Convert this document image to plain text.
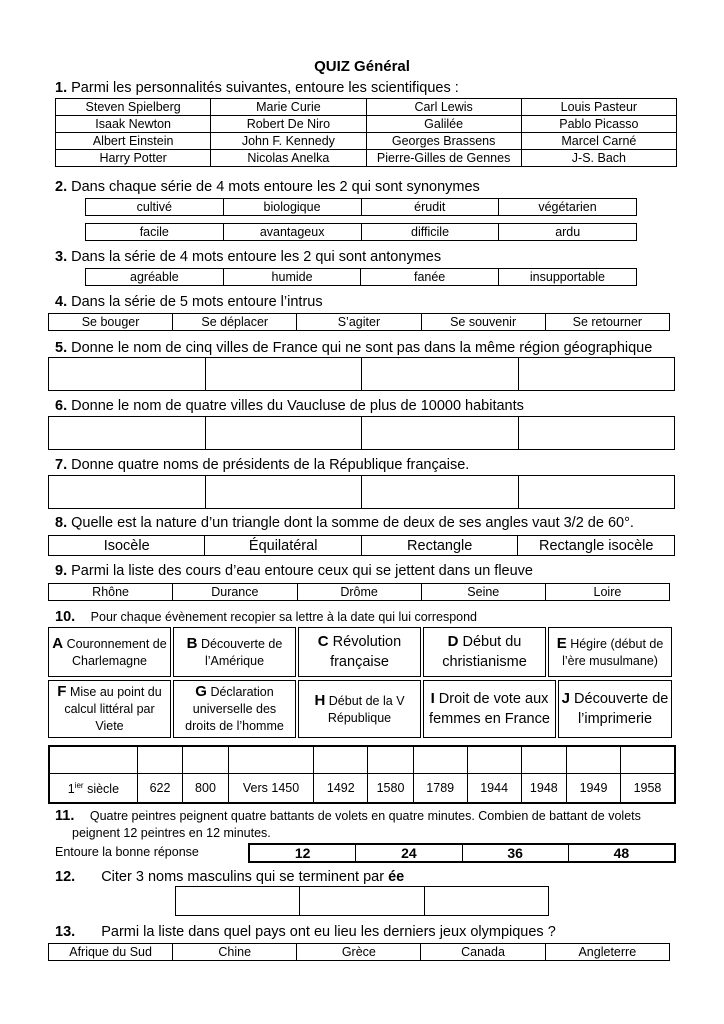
QUIZ Général
1. Parmi les personnalités suivantes, entoure les scientifiques :
Steven Spielberg	Marie Curie	Carl Lewis	Louis Pasteur
Isaak Newton	Robert De Niro	Galilée	Pablo Picasso
Albert Einstein	John F. Kennedy	Georges Brassens	Marcel Carné
Harry Potter	Nicolas Anelka	Pierre-Gilles de Gennes	J-S. Bach
2. Dans chaque série de 4 mots entoure les 2 qui sont synonymes
cultivé	biologique	érudit	végétarien
facile	avantageux	difficile	ardu
3. Dans la série de 4 mots entoure les 2 qui sont antonymes
agréable	humide	fanée	insupportable
4. Dans la série de 5 mots entoure l’intrus
Se bouger	Se déplacer	S’agiter	Se souvenir	Se retourner
5. Donne le nom de cinq villes de France qui ne sont pas dans la même région géographique

6. Donne le nom de quatre villes du Vaucluse de plus de 10000 habitants

7. Donne quatre noms de présidents de la République française.

8. Quelle est la nature d’un triangle dont la somme de deux de ses angles vaut 3/2 de 60°.
Isocèle	Équilatéral	Rectangle	Rectangle isocèle
9. Parmi la liste des cours d’eau entoure ceux qui se jettent dans un fleuve
Rhône	Durance	Drôme	Seine	Loire
10. Pour chaque évènement recopier sa lettre à la date qui lui correspond
A Couronnement de Charlemagne
B Découverte de l’Amérique
C Révolution française
D Début du christianisme
E Hégire (début de l’ère musulmane)
F Mise au point du calcul littéral par Viete
G Déclaration universelle des droits de l’homme
H Début de la V République
I Droit de vote aux femmes en France
J Découverte de l’imprimerie

$1^{ier}$ siècle	622	800	Vers 1450	1492	1580	1789	1944	1948	1949	1958
11. Quatre peintres peignent quatre battants de volets en quatre minutes. Combien de battant de volets
peignent 12 peintres en 12 minutes.
Entoure la bonne réponse	12	24	36	48
12. Citer 3 noms masculins qui se terminent par ée

13. Parmi la liste dans quel pays ont eu lieu les derniers jeux olympiques ?
Afrique du Sud	Chine	Grèce	Canada	Angleterre
